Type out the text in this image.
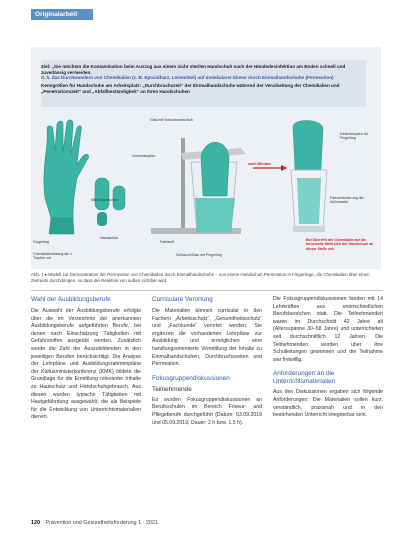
Originalarbeit
Ziel: „Sie möchten die Kontamination beim Auszug aus einem nicht sterilen Handschuh nach der Händedesinfektion am Boden schnell und zuverlässig vermeiden.
d. h. das Durchwandern von Chemikalien (z. B. Epoxidharz, Lösemittel) auf molekularer Ebene durch Einmalhandschuhe (Permeation)
Kenngrößen für Handschuhe am Arbeitsplatz: „Durchbruchszeit“ der Einmalhandschuhe während der Verarbeitung der Chemikalien und „Penetrationszeit“ und „Abfallbeständigkeit“ an Ihren Handschuhen
Glas mit Schutzhandschuh
Gummistopfen
Nitril-Handschuh
Handschuh
Fingerling
Chemikalienlösung als 1. Tropfen mit
Farbstoff
nach Minuten
Schlauch/Glas mit Fingerling
Deckelstopfen für Fingerling
Farbveränderung der Außenseite
Bei Übertritt der Chemikalie auf die Innenseite färbt sich der Handschuh an dieser Stelle um.
Abb. 1 ▸ Modell zur Demonstration der Permeation von Chemikalien durch Einmalhandschuhe – von einem Handschuh Permeation in Fingerlinge, die Chemikalien über einen Zeitraum durchdringen, so dass die Reaktion von außen sichtbar wird.
Wahl der Ausbildungsberufe

Die Auswahl der Ausbildungsberufe erfolgte über die im Verzeichnis der anerkannten Ausbildungsberufe aufgeführten Berufe, bei denen nach Einschätzung Tätigkeiten mit Gefahrstoffen ausgeübt werden. Zusätzlich wurde die Zahl der Auszubildenden in den jeweiligen Berufen berücksichtigt. Die Analyse der Lehrpläne und Ausbildungsrahmenpläne der Kultusministerkonferenz (KMK) bildete die Grundlage für die Ermittlung relevanter Inhalte zu Hautschutz und Handschuhgebrauch. Aus diesen wurden typische Tätigkeiten mit Hautgefährdung ausgewählt, die als Beispiele für die Entwicklung von Unterrichtsmaterialien dienen.

Curriculare Verortung

Die Materialien können curricular in den Fächern „Arbeitsschutz“, „Gesundheitsschutz“ und „Fachkunde“ verortet werden. Sie ergänzen die vorhandenen Lehrpläne zur Ausbildung und ermöglichen eine handlungsorientierte Vermittlung der Inhalte zu Einmalhandschuhen, Durchbruchszeiten und Permeation.

Fokusgruppendiskussionen
Teilnehmende

Es wurden Fokusgruppendiskussionen an Berufsschulen im Bereich Friseur- und Pflegeberufe durchgeführt (Datum: 03.09.2019 und 05.09.2019; Dauer: 2 h bzw. 1,5 h).

Die Fokusgruppendiskussionen fanden mit 14 Lehrkräften aus unterschiedlichen Berufsbereichen statt. Die Teilnehmenden waren im Durchschnitt 42 Jahre alt (Altersspanne 30–58 Jahre) und unterrichteten seit durchschnittlich 12 Jahren. Die Teilnehmenden wurden über ihre Schulleitungen gewonnen und die Teilnahme war freiwillig.

Anforderungen an die Unterrichtsmaterialien

Aus den Diskussionen ergaben sich folgende Anforderungen: Die Materialien sollen kurz, verständlich, praxisnah und in den bestehenden Unterricht integrierbar sein.

120 Prävention und Gesundheitsförderung 1 · 2021
